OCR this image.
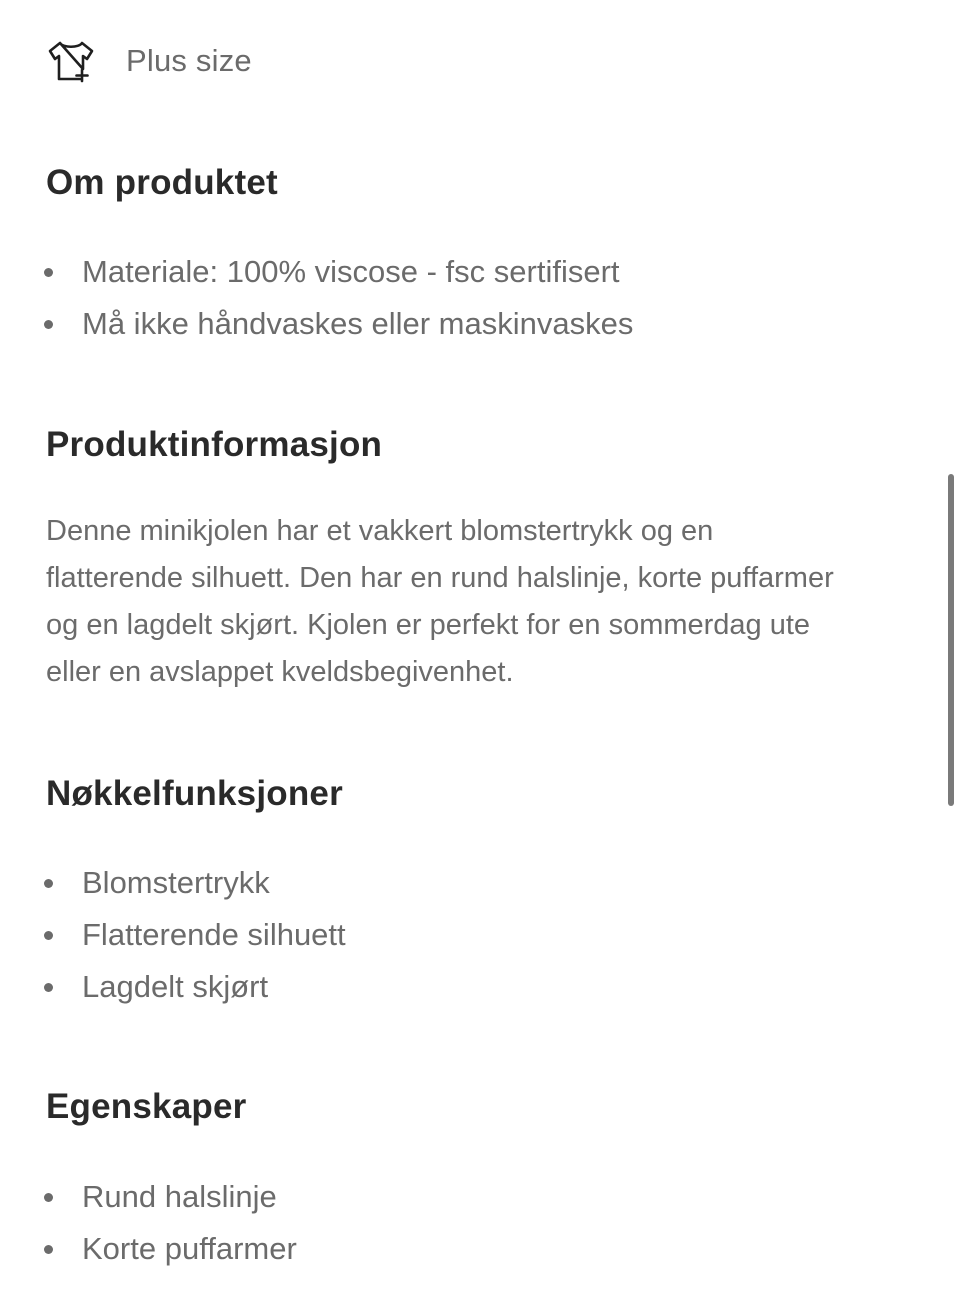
Plus size
Om produktet
Materiale: 100% viscose - fsc sertifisert
Må ikke håndvaskes eller maskinvaskes
Produktinformasjon

Denne minikjolen har et vakkert blomstertrykk og en flatterende silhuett. Den har en rund halslinje, korte puffarmer og en lagdelt skjørt. Kjolen er perfekt for en sommerdag ute eller en avslappet kveldsbegivenhet.

Nøkkelfunksjoner
Blomstertrykk
Flatterende silhuett
Lagdelt skjørt
Egenskaper
Rund halslinje
Korte puffarmer
